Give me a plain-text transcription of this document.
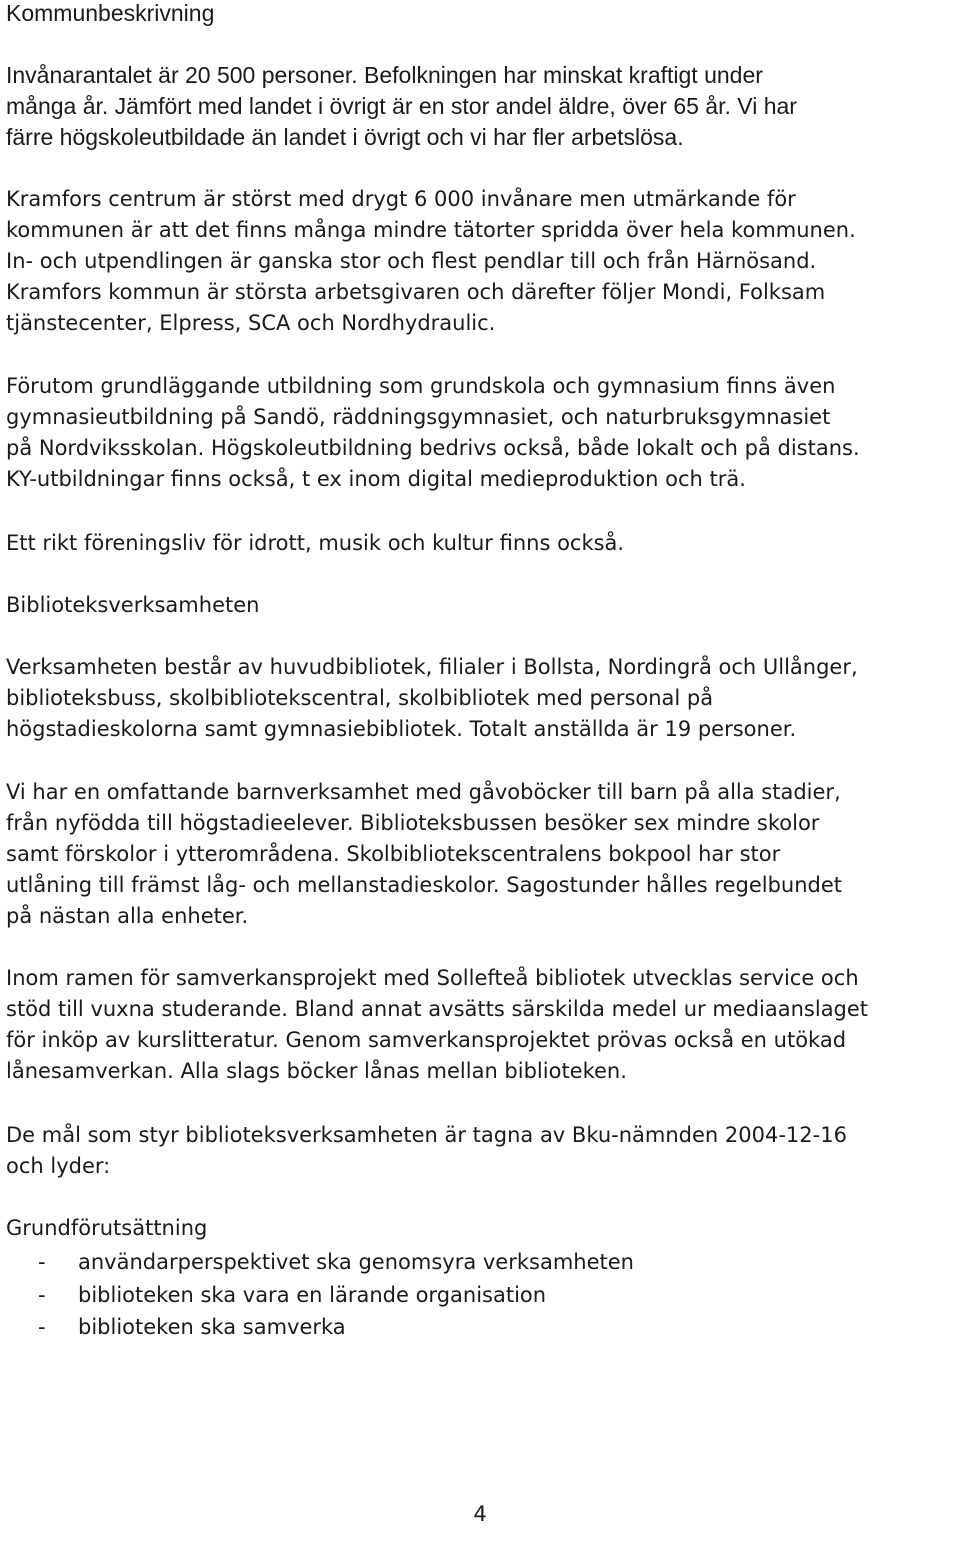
Kommunbeskrivning

Invånarantalet är 20 500 personer. Befolkningen har minskat kraftigt under
många år. Jämfört med landet i övrigt är en stor andel äldre, över 65 år. Vi har
färre högskoleutbildade än landet i övrigt och vi har fler arbetslösa.

Kramfors centrum är störst med drygt 6 000 invånare men utmärkande för
kommunen är att det finns många mindre tätorter spridda över hela kommunen.
In- och utpendlingen är ganska stor och flest pendlar till och från Härnösand.
Kramfors kommun är största arbetsgivaren och därefter följer Mondi, Folksam
tjänstecenter, Elpress, SCA och Nordhydraulic.

Förutom grundläggande utbildning som grundskola och gymnasium finns även
gymnasieutbildning på Sandö, räddningsgymnasiet, och naturbruksgymnasiet
på Nordviksskolan. Högskoleutbildning bedrivs också, både lokalt och på distans.
KY-utbildningar finns också, t ex inom digital medieproduktion och trä.

Ett rikt föreningsliv för idrott, musik och kultur finns också.

Biblioteksverksamheten

Verksamheten består av huvudbibliotek, filialer i Bollsta, Nordingrå och Ullånger,
biblioteksbuss, skolbibliotekscentral, skolbibliotek med personal på
högstadieskolorna samt gymnasiebibliotek. Totalt anställda är 19 personer.

Vi har en omfattande barnverksamhet med gåvoböcker till barn på alla stadier,
från nyfödda till högstadieelever. Biblioteksbussen besöker sex mindre skolor
samt förskolor i ytterområdena. Skolbibliotekscentralens bokpool har stor
utlåning till främst låg- och mellanstadieskolor. Sagostunder hålles regelbundet
på nästan alla enheter.

Inom ramen för samverkansprojekt med Sollefteå bibliotek utvecklas service och
stöd till vuxna studerande. Bland annat avsätts särskilda medel ur mediaanslaget
för inköp av kurslitteratur. Genom samverkansprojektet prövas också en utökad
lånesamverkan. Alla slags böcker lånas mellan biblioteken.

De mål som styr biblioteksverksamheten är tagna av Bku-nämnden 2004-12-16
och lyder:

Grundförutsättning

- användarperspektivet ska genomsyra verksamheten
- biblioteken ska vara en lärande organisation
- biblioteken ska samverka
4
